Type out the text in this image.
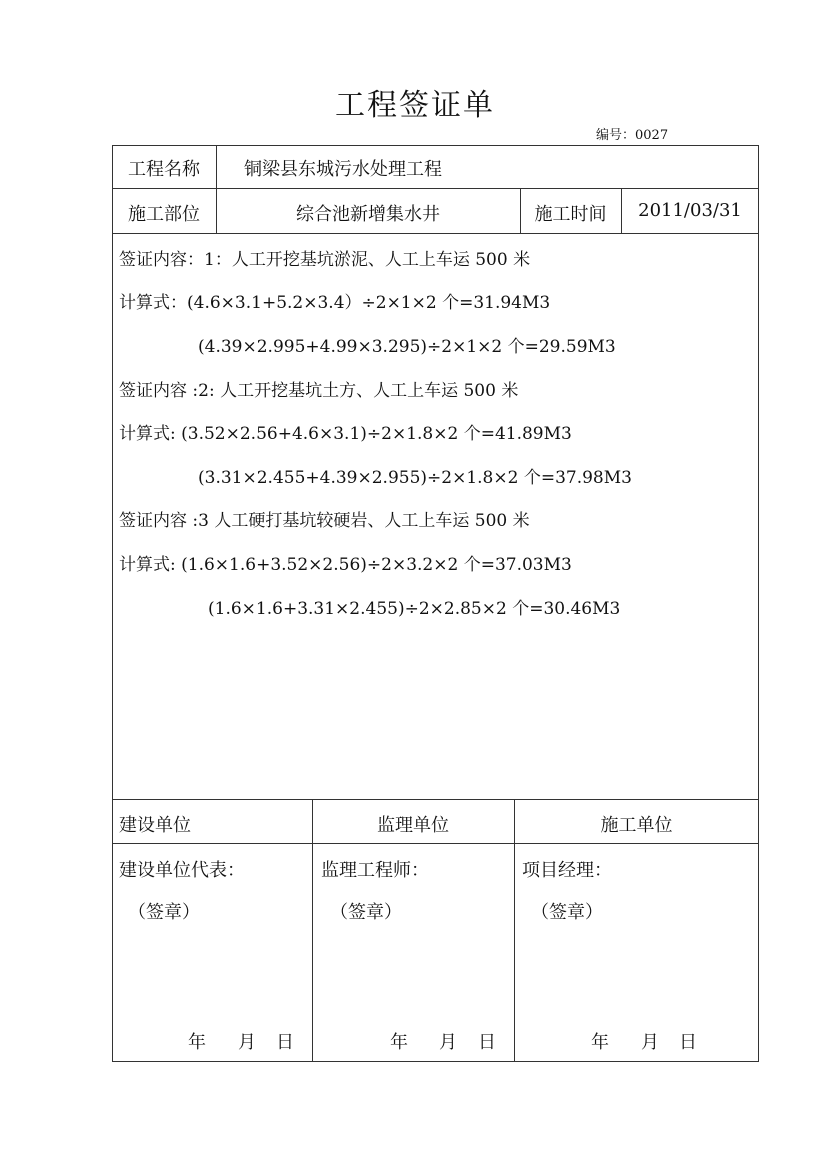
工程签证单
编号：0027
工程名称	铜梁县东城污水处理工程
施工部位	综合池新增集水井	施工时间	2011/03/31
签证内容：1：人工开挖基坑淤泥、人工上车运 500 米
计算式：(4.6×3.1+5.2×3.4）÷2×1×2 个=31.94M3
(4.39×2.995+4.99×3.295)÷2×1×2 个=29.59M3
签证内容 :2: 人工开挖基坑土方、人工上车运 500 米
计算式: (3.52×2.56+4.6×3.1)÷2×1.8×2 个=41.89M3
(3.31×2.455+4.39×2.955)÷2×1.8×2 个=37.98M3
签证内容 :3 人工硬打基坑较硬岩、人工上车运 500 米
计算式: (1.6×1.6+3.52×2.56)÷2×3.2×2 个=37.03M3
(1.6×1.6+3.31×2.455)÷2×2.85×2 个=30.46M3
建设单位	监理单位	施工单位
建设单位代表：
（签章）
年 月 日
监理工程师：
（签章）
年 月 日
项目经理：
（签章）
年 月 日
